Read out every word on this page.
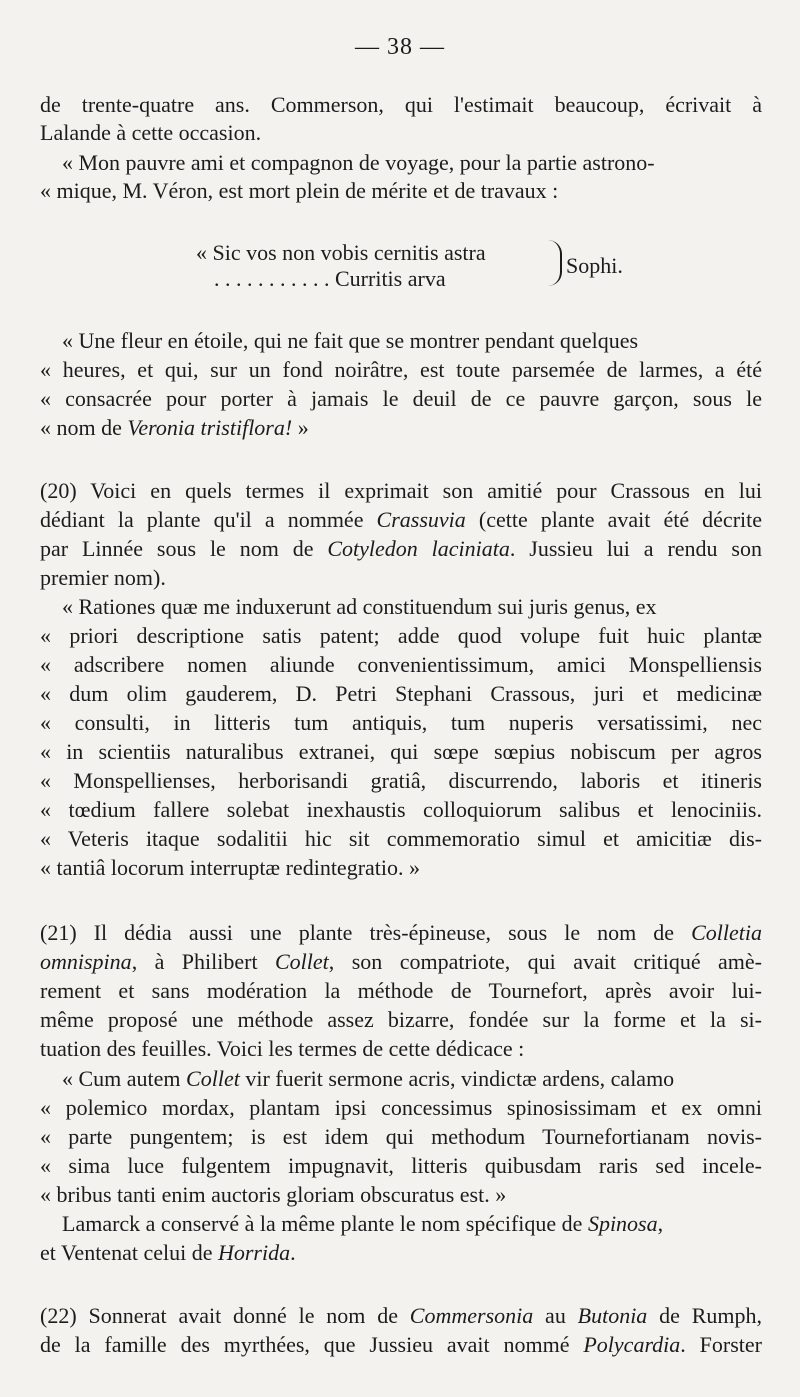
— 38 —
de trente-quatre ans. Commerson, qui l'estimait beaucoup, écrivait à
Lalande à cette occasion.
« Mon pauvre ami et compagnon de voyage, pour la partie astrono-
« mique, M. Véron, est mort plein de mérite et de travaux :
« Sic vos non vobis cernitis astra
. . . . . . . . . . . Curritis arva
Sophi.
« Une fleur en étoile, qui ne fait que se montrer pendant quelques
« heures, et qui, sur un fond noirâtre, est toute parsemée de larmes, a été
« consacrée pour porter à jamais le deuil de ce pauvre garçon, sous le
« nom de Veronia tristiflora! »
(20) Voici en quels termes il exprimait son amitié pour Crassous en lui
dédiant la plante qu'il a nommée Crassuvia (cette plante avait été décrite
par Linnée sous le nom de Cotyledon laciniata. Jussieu lui a rendu son
premier nom).
« Rationes quæ me induxerunt ad constituendum sui juris genus, ex
« priori descriptione satis patent; adde quod volupe fuit huic plantæ
« adscribere nomen aliunde convenientissimum, amici Monspelliensis
« dum olim gauderem, D. Petri Stephani Crassous, juri et medicinæ
« consulti, in litteris tum antiquis, tum nuperis versatissimi, nec
« in scientiis naturalibus extranei, qui sœpe sœpius nobiscum per agros
« Monspellienses, herborisandi gratiâ, discurrendo, laboris et itineris
« tœdium fallere solebat inexhaustis colloquiorum salibus et lenociniis.
« Veteris itaque sodalitii hic sit commemoratio simul et amicitiæ dis-
« tantiâ locorum interruptæ redintegratio. »
(21) Il dédia aussi une plante très-épineuse, sous le nom de Colletia
omnispina, à Philibert Collet, son compatriote, qui avait critiqué amè-
rement et sans modération la méthode de Tournefort, après avoir lui-
même proposé une méthode assez bizarre, fondée sur la forme et la si-
tuation des feuilles. Voici les termes de cette dédicace :
« Cum autem Collet vir fuerit sermone acris, vindictæ ardens, calamo
« polemico mordax, plantam ipsi concessimus spinosissimam et ex omni
« parte pungentem; is est idem qui methodum Tournefortianam novis-
« sima luce fulgentem impugnavit, litteris quibusdam raris sed incele-
« bribus tanti enim auctoris gloriam obscuratus est. »
Lamarck a conservé à la même plante le nom spécifique de Spinosa,
et Ventenat celui de Horrida.
(22) Sonnerat avait donné le nom de Commersonia au Butonia de Rumph,
de la famille des myrthées, que Jussieu avait nommé Polycardia. Forster
